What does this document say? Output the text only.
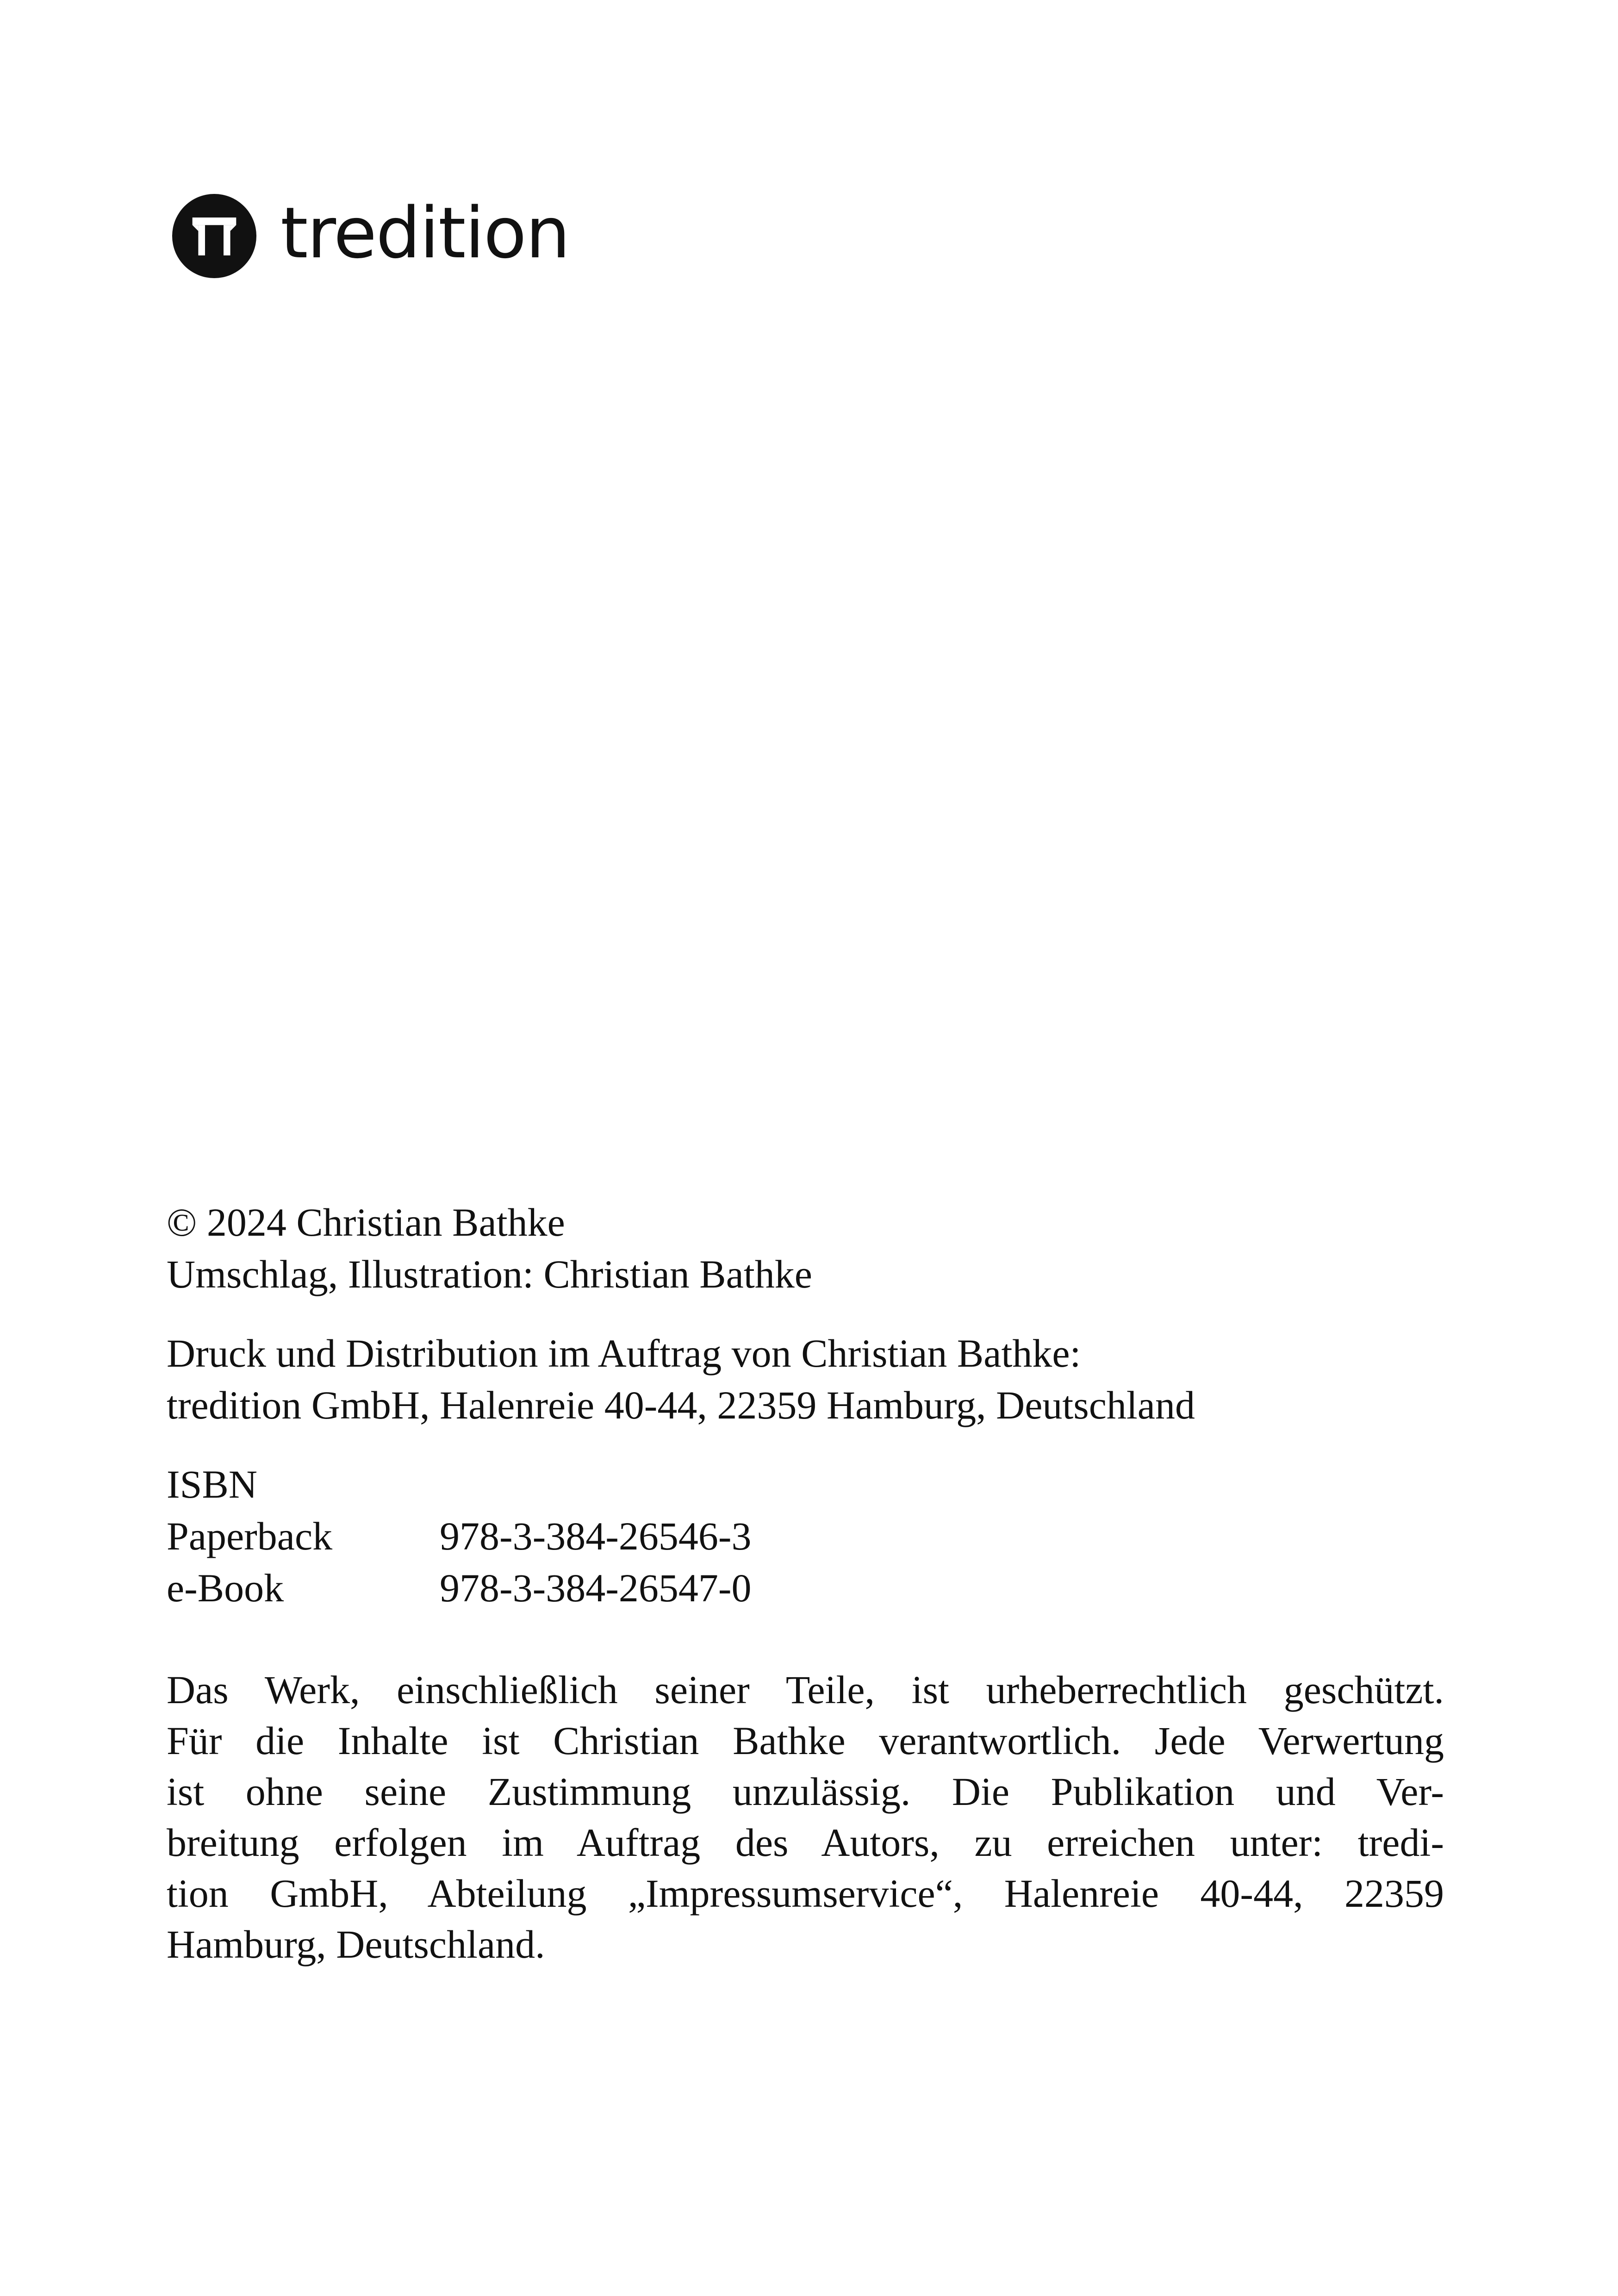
tredition

© 2024 Christian Bathke

Umschlag, Illustration: Christian Bathke

Druck und Distribution im Auftrag von Christian Bathke:

tredition GmbH, Halenreie 40-44, 22359 Hamburg, Deutschland

ISBN

Paperback	978-3-384-26546-3
e-Book	978-3-384-26547-0
Das Werk, einschließlich seiner Teile, ist urheberrechtlich geschützt.
Für die Inhalte ist Christian Bathke verantwortlich. Jede Verwertung
ist ohne seine Zustimmung unzulässig. Die Publikation und Ver-
breitung erfolgen im Auftrag des Autors, zu erreichen unter: tredi-
tion GmbH, Abteilung „Impressumservice“, Halenreie 40-44, 22359
Hamburg, Deutschland.
